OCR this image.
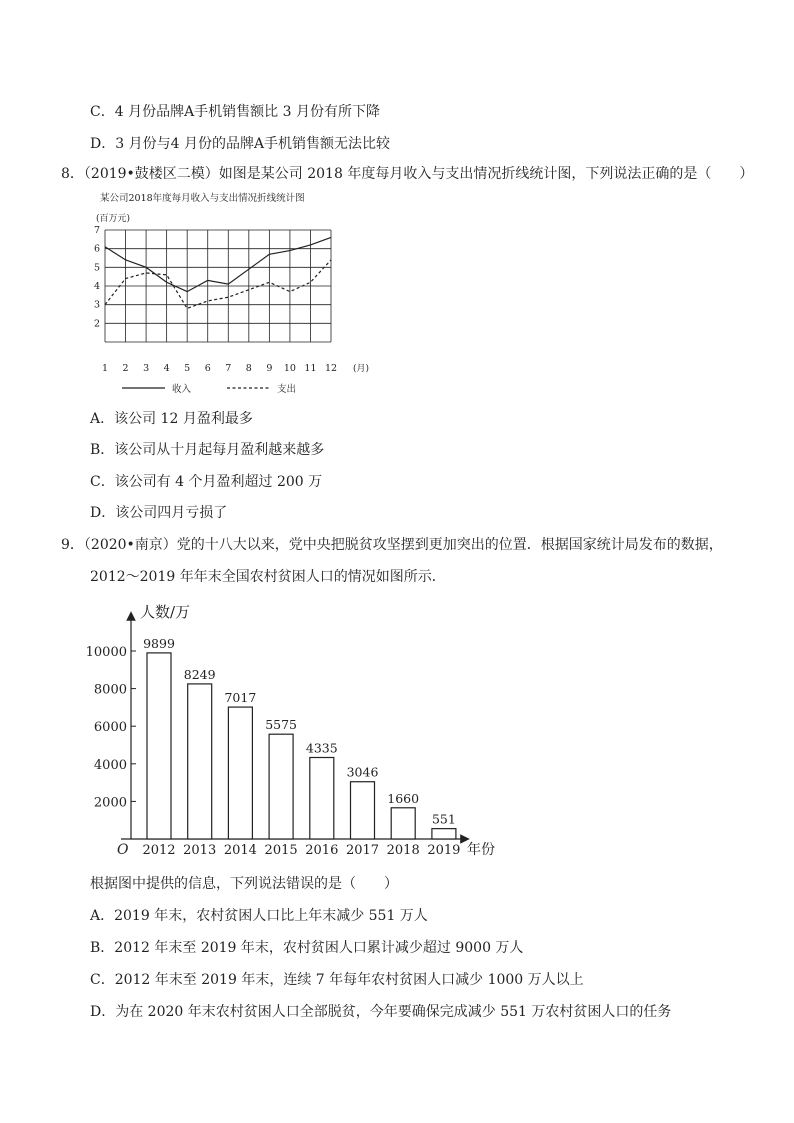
C．4 月份品牌A手机销售额比 3 月份有所下降
D．3 月份与4 月份的品牌A手机销售额无法比较
8．（2019•鼓楼区二模）如图是某公司 2018 年度每月收入与支出情况折线统计图，下列说法正确的是（　　）
某公司2018年度每月收入与支出情况折线统计图
(百万元)
2
3
4
5
6
7
1 2 3 4 5 6 7 8 9 10 11 12 (月)
收入	支出
A．该公司 12 月盈利最多
B．该公司从十月起每月盈利越来越多
C．该公司有 4 个月盈利超过 200 万
D．该公司四月亏损了
9．（2020•南京）党的十八大以来，党中央把脱贫攻坚摆到更加突出的位置．根据国家统计局发布的数据，
2012～2019 年年末全国农村贫困人口的情况如图所示．
2000
4000
6000
8000
10000
9899
2012
8249
2013
7017
2014
5575
2015
4335
2016
3046
2017
1660
2018
551
2019
人数/万
年份
O
根据图中提供的信息，下列说法错误的是（　　）
A．2019 年末，农村贫困人口比上年末减少 551 万人
B．2012 年末至 2019 年末，农村贫困人口累计减少超过 9000 万人
C．2012 年末至 2019 年末，连续 7 年每年农村贫困人口减少 1000 万人以上
D．为在 2020 年末农村贫困人口全部脱贫，今年要确保完成减少 551 万农村贫困人口的任务
